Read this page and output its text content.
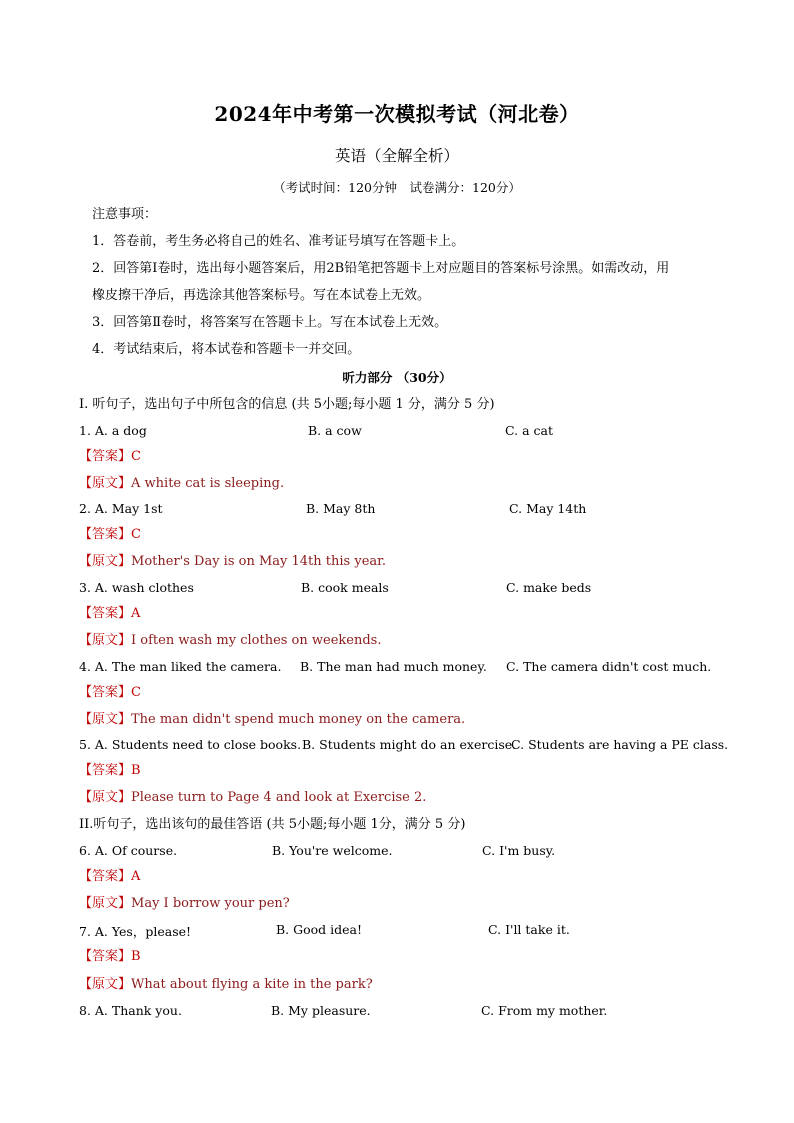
2024年中考第一次模拟考试（河北卷）
英语（全解全析）
（考试时间：120分钟　试卷满分：120分）
注意事项：
1．答卷前，考生务必将自己的姓名、准考证号填写在答题卡上。
2．回答第Ⅰ卷时，选出每小题答案后，用2B铅笔把答题卡上对应题目的答案标号涂黑。如需改动，用
橡皮擦干净后，再选涂其他答案标号。写在本试卷上无效。
3．回答第Ⅱ卷时，将答案写在答题卡上。写在本试卷上无效。
4．考试结束后，将本试卷和答题卡一并交回。
听力部分 （30分）
I. 听句子，选出句子中所包含的信息 (共 5小题;每小题 1 分，满分 5 分)
1. A. a dog	B. a cow	C. a cat
【答案】C
【原文】A white cat is sleeping.
2. A. May 1st	B. May 8th	C. May 14th
【答案】C
【原文】Mother's Day is on May 14th this year.
3. A. wash clothes	B. cook meals	C. make beds
【答案】A
【原文】I often wash my clothes on weekends.
4. A. The man liked the camera. B. The man had much money. C. The camera didn't cost much.
【答案】C
【原文】The man didn't spend much money on the camera.
5. A. Students need to close books. B. Students might do an exercise.
C. Students are having a PE class.
【答案】B
【原文】Please turn to Page 4 and look at Exercise 2.
II.听句子，选出该句的最佳答语 (共 5小题;每小题 1分，满分 5 分)
6. A. Of course.	B. You're welcome.	C. I'm busy.
【答案】A
【原文】May I borrow your pen?
7. A. Yes，please!	B. Good idea!	C. I'll take it.
【答案】B
【原文】What about flying a kite in the park?
8. A. Thank you.	B. My pleasure.	C. From my mother.
